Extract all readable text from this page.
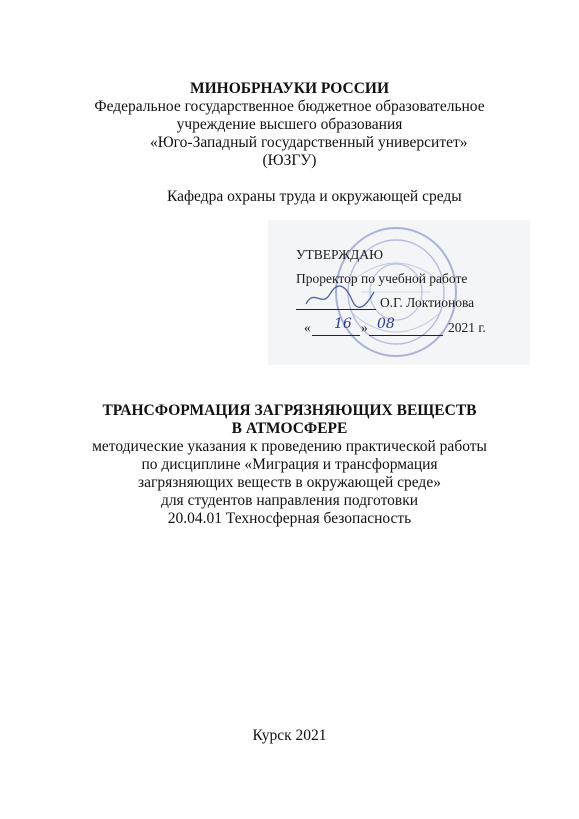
МИНОБРНАУКИ РОССИИ
Федеральное государственное бюджетное образовательное
учреждение высшего образования
«Юго-Западный государственный университет»
(ЮЗГУ)
Кафедра охраны труда и окружающей среды
УТВЕРЖДАЮ
Проректор по учебной работе
О.Г. Локтионова
« 16 » 08	2021 г.
ТРАНСФОРМАЦИЯ ЗАГРЯЗНЯЮЩИХ ВЕЩЕСТВ
В АТМОСФЕРЕ
методические указания к проведению практической работы
по дисциплине «Миграция и трансформация
загрязняющих веществ в окружающей среде»
для студентов направления подготовки
20.04.01 Техносферная безопасность
Курск 2021
